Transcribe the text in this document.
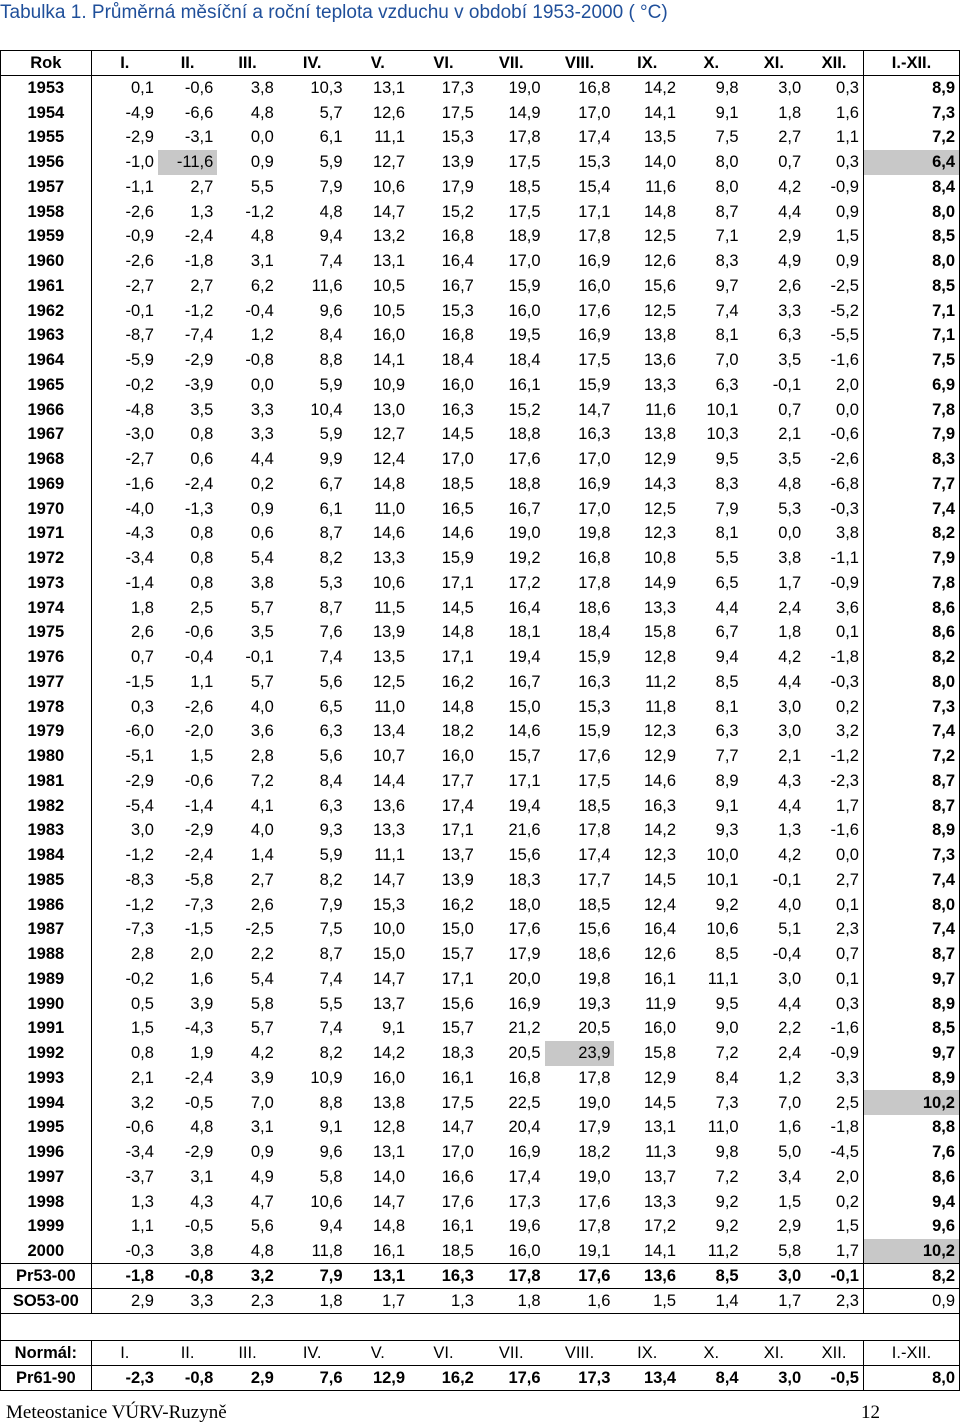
Tabulka 1. Průměrná měsíční a roční teplota vzduchu v období 1953-2000 ( °C)
Rok	I.	II.	III.	IV.	V.	VI.	VII.	VIII.	IX.	X.	XI.	XII.	I.-XII.
1953	0,1	-0,6	3,8	10,3	13,1	17,3	19,0	16,8	14,2	9,8	3,0	0,3	8,9
1954	-4,9	-6,6	4,8	5,7	12,6	17,5	14,9	17,0	14,1	9,1	1,8	1,6	7,3
1955	-2,9	-3,1	0,0	6,1	11,1	15,3	17,8	17,4	13,5	7,5	2,7	1,1	7,2
1956	-1,0	-11,6	0,9	5,9	12,7	13,9	17,5	15,3	14,0	8,0	0,7	0,3	6,4
1957	-1,1	2,7	5,5	7,9	10,6	17,9	18,5	15,4	11,6	8,0	4,2	-0,9	8,4
1958	-2,6	1,3	-1,2	4,8	14,7	15,2	17,5	17,1	14,8	8,7	4,4	0,9	8,0
1959	-0,9	-2,4	4,8	9,4	13,2	16,8	18,9	17,8	12,5	7,1	2,9	1,5	8,5
1960	-2,6	-1,8	3,1	7,4	13,1	16,4	17,0	16,9	12,6	8,3	4,9	0,9	8,0
1961	-2,7	2,7	6,2	11,6	10,5	16,7	15,9	16,0	15,6	9,7	2,6	-2,5	8,5
1962	-0,1	-1,2	-0,4	9,6	10,5	15,3	16,0	17,6	12,5	7,4	3,3	-5,2	7,1
1963	-8,7	-7,4	1,2	8,4	16,0	16,8	19,5	16,9	13,8	8,1	6,3	-5,5	7,1
1964	-5,9	-2,9	-0,8	8,8	14,1	18,4	18,4	17,5	13,6	7,0	3,5	-1,6	7,5
1965	-0,2	-3,9	0,0	5,9	10,9	16,0	16,1	15,9	13,3	6,3	-0,1	2,0	6,9
1966	-4,8	3,5	3,3	10,4	13,0	16,3	15,2	14,7	11,6	10,1	0,7	0,0	7,8
1967	-3,0	0,8	3,3	5,9	12,7	14,5	18,8	16,3	13,8	10,3	2,1	-0,6	7,9
1968	-2,7	0,6	4,4	9,9	12,4	17,0	17,6	17,0	12,9	9,5	3,5	-2,6	8,3
1969	-1,6	-2,4	0,2	6,7	14,8	18,5	18,8	16,9	14,3	8,3	4,8	-6,8	7,7
1970	-4,0	-1,3	0,9	6,1	11,0	16,5	16,7	17,0	12,5	7,9	5,3	-0,3	7,4
1971	-4,3	0,8	0,6	8,7	14,6	14,6	19,0	19,8	12,3	8,1	0,0	3,8	8,2
1972	-3,4	0,8	5,4	8,2	13,3	15,9	19,2	16,8	10,8	5,5	3,8	-1,1	7,9
1973	-1,4	0,8	3,8	5,3	10,6	17,1	17,2	17,8	14,9	6,5	1,7	-0,9	7,8
1974	1,8	2,5	5,7	8,7	11,5	14,5	16,4	18,6	13,3	4,4	2,4	3,6	8,6
1975	2,6	-0,6	3,5	7,6	13,9	14,8	18,1	18,4	15,8	6,7	1,8	0,1	8,6
1976	0,7	-0,4	-0,1	7,4	13,5	17,1	19,4	15,9	12,8	9,4	4,2	-1,8	8,2
1977	-1,5	1,1	5,7	5,6	12,5	16,2	16,7	16,3	11,2	8,5	4,4	-0,3	8,0
1978	0,3	-2,6	4,0	6,5	11,0	14,8	15,0	15,3	11,8	8,1	3,0	0,2	7,3
1979	-6,0	-2,0	3,6	6,3	13,4	18,2	14,6	15,9	12,3	6,3	3,0	3,2	7,4
1980	-5,1	1,5	2,8	5,6	10,7	16,0	15,7	17,6	12,9	7,7	2,1	-1,2	7,2
1981	-2,9	-0,6	7,2	8,4	14,4	17,7	17,1	17,5	14,6	8,9	4,3	-2,3	8,7
1982	-5,4	-1,4	4,1	6,3	13,6	17,4	19,4	18,5	16,3	9,1	4,4	1,7	8,7
1983	3,0	-2,9	4,0	9,3	13,3	17,1	21,6	17,8	14,2	9,3	1,3	-1,6	8,9
1984	-1,2	-2,4	1,4	5,9	11,1	13,7	15,6	17,4	12,3	10,0	4,2	0,0	7,3
1985	-8,3	-5,8	2,7	8,2	14,7	13,9	18,3	17,7	14,5	10,1	-0,1	2,7	7,4
1986	-1,2	-7,3	2,6	7,9	15,3	16,2	18,0	18,5	12,4	9,2	4,0	0,1	8,0
1987	-7,3	-1,5	-2,5	7,5	10,0	15,0	17,6	15,6	16,4	10,6	5,1	2,3	7,4
1988	2,8	2,0	2,2	8,7	15,0	15,7	17,9	18,6	12,6	8,5	-0,4	0,7	8,7
1989	-0,2	1,6	5,4	7,4	14,7	17,1	20,0	19,8	16,1	11,1	3,0	0,1	9,7
1990	0,5	3,9	5,8	5,5	13,7	15,6	16,9	19,3	11,9	9,5	4,4	0,3	8,9
1991	1,5	-4,3	5,7	7,4	9,1	15,7	21,2	20,5	16,0	9,0	2,2	-1,6	8,5
1992	0,8	1,9	4,2	8,2	14,2	18,3	20,5	23,9	15,8	7,2	2,4	-0,9	9,7
1993	2,1	-2,4	3,9	10,9	16,0	16,1	16,8	17,8	12,9	8,4	1,2	3,3	8,9
1994	3,2	-0,5	7,0	8,8	13,8	17,5	22,5	19,0	14,5	7,3	7,0	2,5	10,2
1995	-0,6	4,8	3,1	9,1	12,8	14,7	20,4	17,9	13,1	11,0	1,6	-1,8	8,8
1996	-3,4	-2,9	0,9	9,6	13,1	17,0	16,9	18,2	11,3	9,8	5,0	-4,5	7,6
1997	-3,7	3,1	4,9	5,8	14,0	16,6	17,4	19,0	13,7	7,2	3,4	2,0	8,6
1998	1,3	4,3	4,7	10,6	14,7	17,6	17,3	17,6	13,3	9,2	1,5	0,2	9,4
1999	1,1	-0,5	5,6	9,4	14,8	16,1	19,6	17,8	17,2	9,2	2,9	1,5	9,6
2000	-0,3	3,8	4,8	11,8	16,1	18,5	16,0	19,1	14,1	11,2	5,8	1,7	10,2
Pr53-00	-1,8	-0,8	3,2	7,9	13,1	16,3	17,8	17,6	13,6	8,5	3,0	-0,1	8,2
SO53-00	2,9	3,3	2,3	1,8	1,7	1,3	1,8	1,6	1,5	1,4	1,7	2,3	0,9

Normál:	I.	II.	III.	IV.	V.	VI.	VII.	VIII.	IX.	X.	XI.	XII.	I.-XII.
Pr61-90	-2,3	-0,8	2,9	7,6	12,9	16,2	17,6	17,3	13,4	8,4	3,0	-0,5	8,0
Meteostanice VÚRV-Ruzyně	12
